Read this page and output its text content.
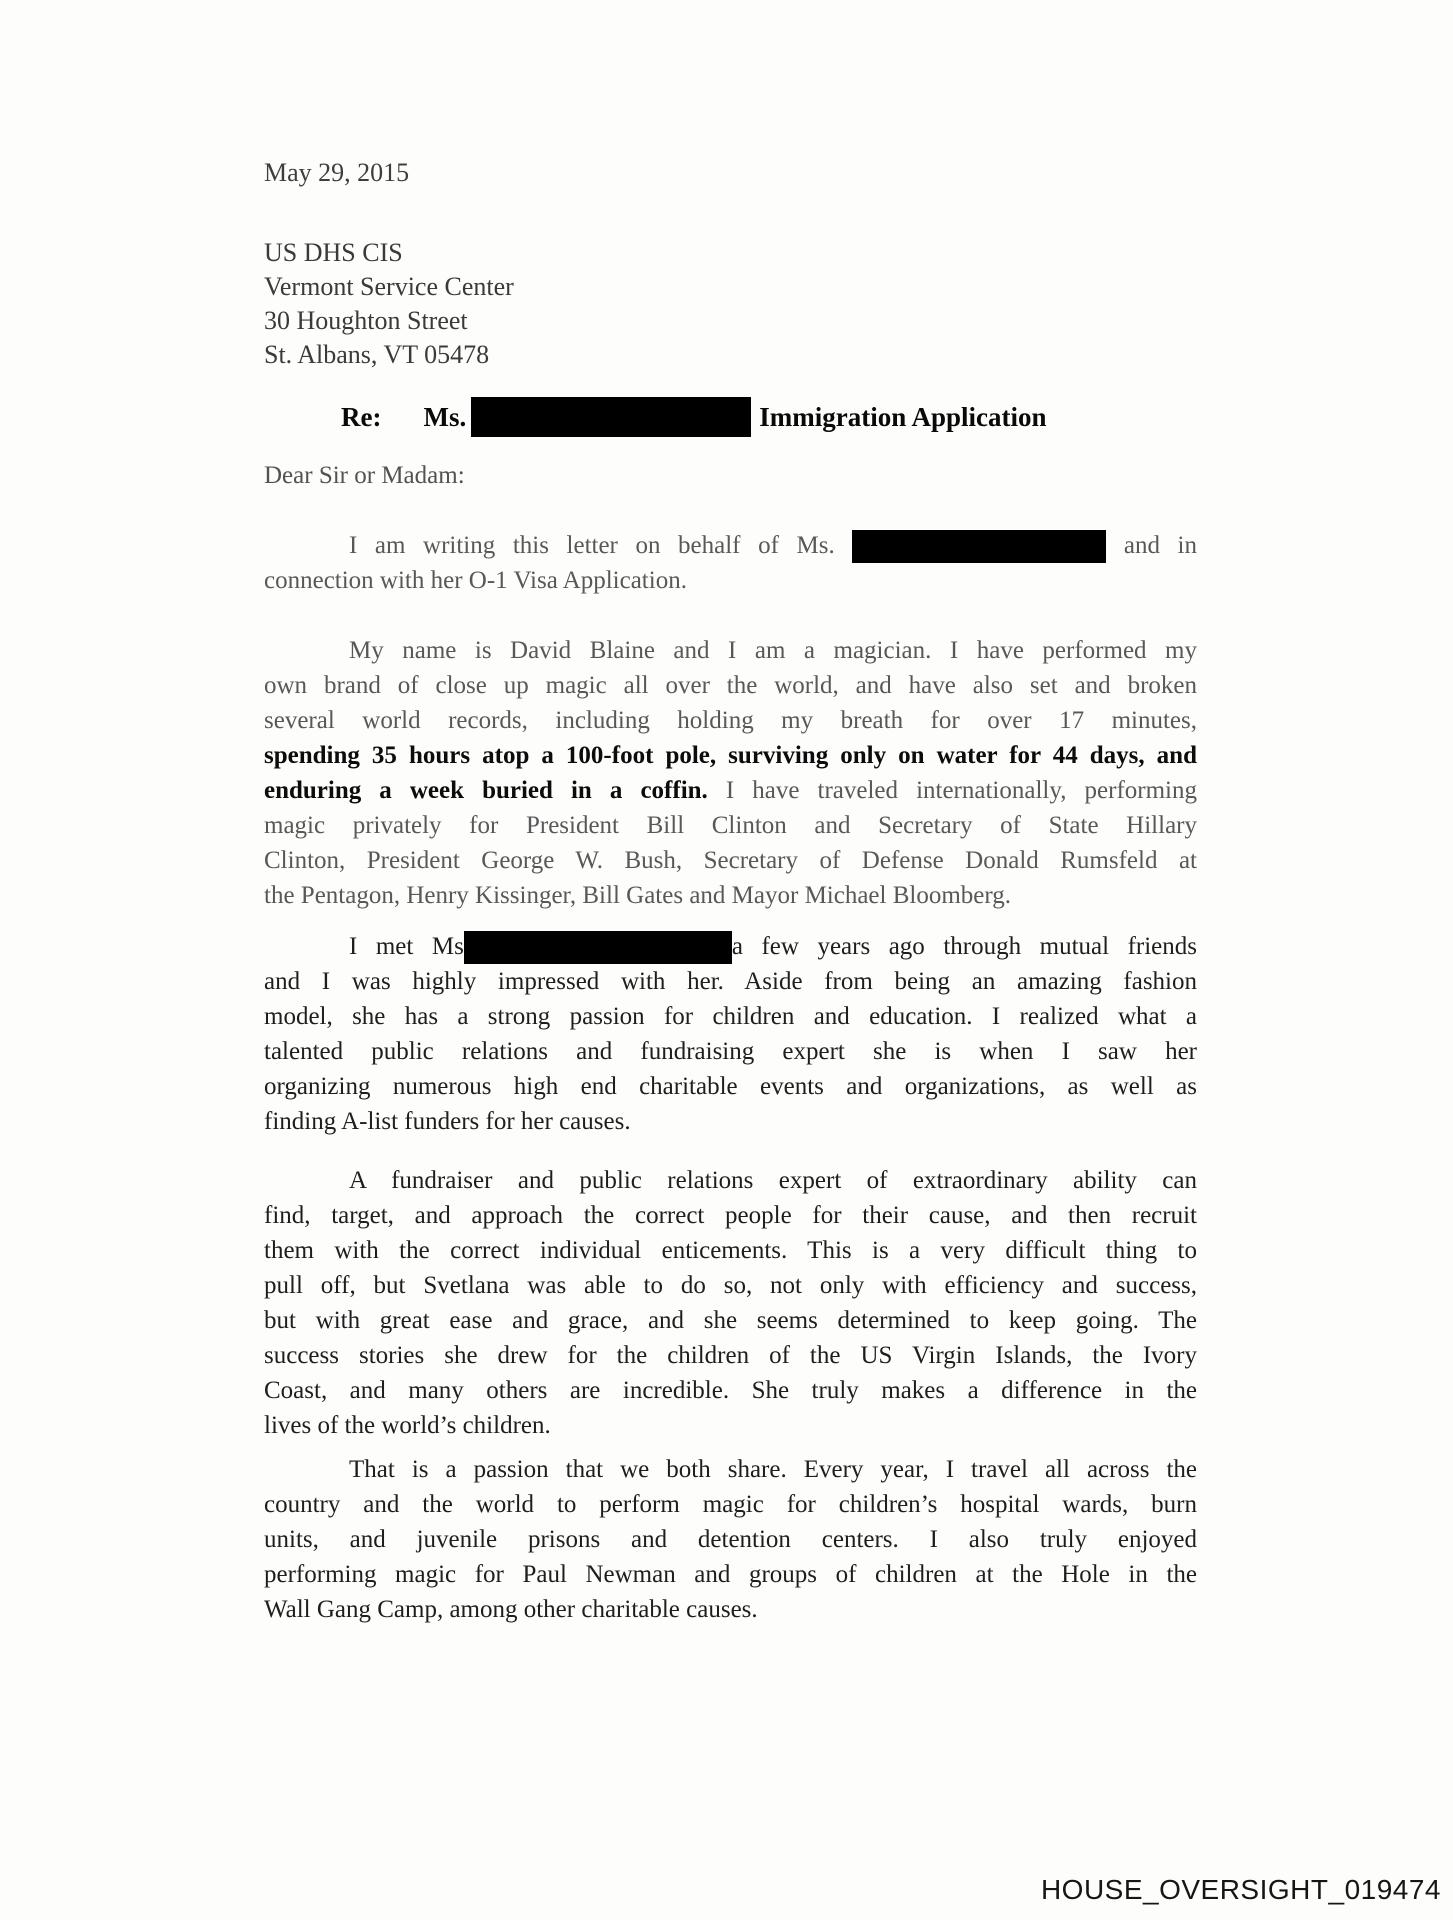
May 29, 2015
US DHS CIS
Vermont Service Center
30 Houghton Street
St. Albans, VT 05478
Re: Ms.	Immigration Application
Dear Sir or Madam:
I am writing this letter on behalf of Ms.	and in
connection with her O-1 Visa Application.
My name is David Blaine and I am a magician. I have performed my
own brand of close up magic all over the world, and have also set and broken
several world records, including holding my breath for over 17 minutes,
spending 35 hours atop a 100-foot pole, surviving only on water for 44 days, and
enduring a week buried in a coffin. I have traveled internationally, performing
magic privately for President Bill Clinton and Secretary of State Hillary
Clinton, President George W. Bush, Secretary of Defense Donald Rumsfeld at
the Pentagon, Henry Kissinger, Bill Gates and Mayor Michael Bloomberg.
I met Ms	a few years ago through mutual friends
and I was highly impressed with her. Aside from being an amazing fashion
model, she has a strong passion for children and education. I realized what a
talented public relations and fundraising expert she is when I saw her
organizing numerous high end charitable events and organizations, as well as
finding A-list funders for her causes.
A fundraiser and public relations expert of extraordinary ability can
find, target, and approach the correct people for their cause, and then recruit
them with the correct individual enticements. This is a very difficult thing to
pull off, but Svetlana was able to do so, not only with efficiency and success,
but with great ease and grace, and she seems determined to keep going. The
success stories she drew for the children of the US Virgin Islands, the Ivory
Coast, and many others are incredible. She truly makes a difference in the
lives of the world’s children.
That is a passion that we both share. Every year, I travel all across the
country and the world to perform magic for children’s hospital wards, burn
units, and juvenile prisons and detention centers. I also truly enjoyed
performing magic for Paul Newman and groups of children at the Hole in the
Wall Gang Camp, among other charitable causes.
HOUSE_OVERSIGHT_019474
